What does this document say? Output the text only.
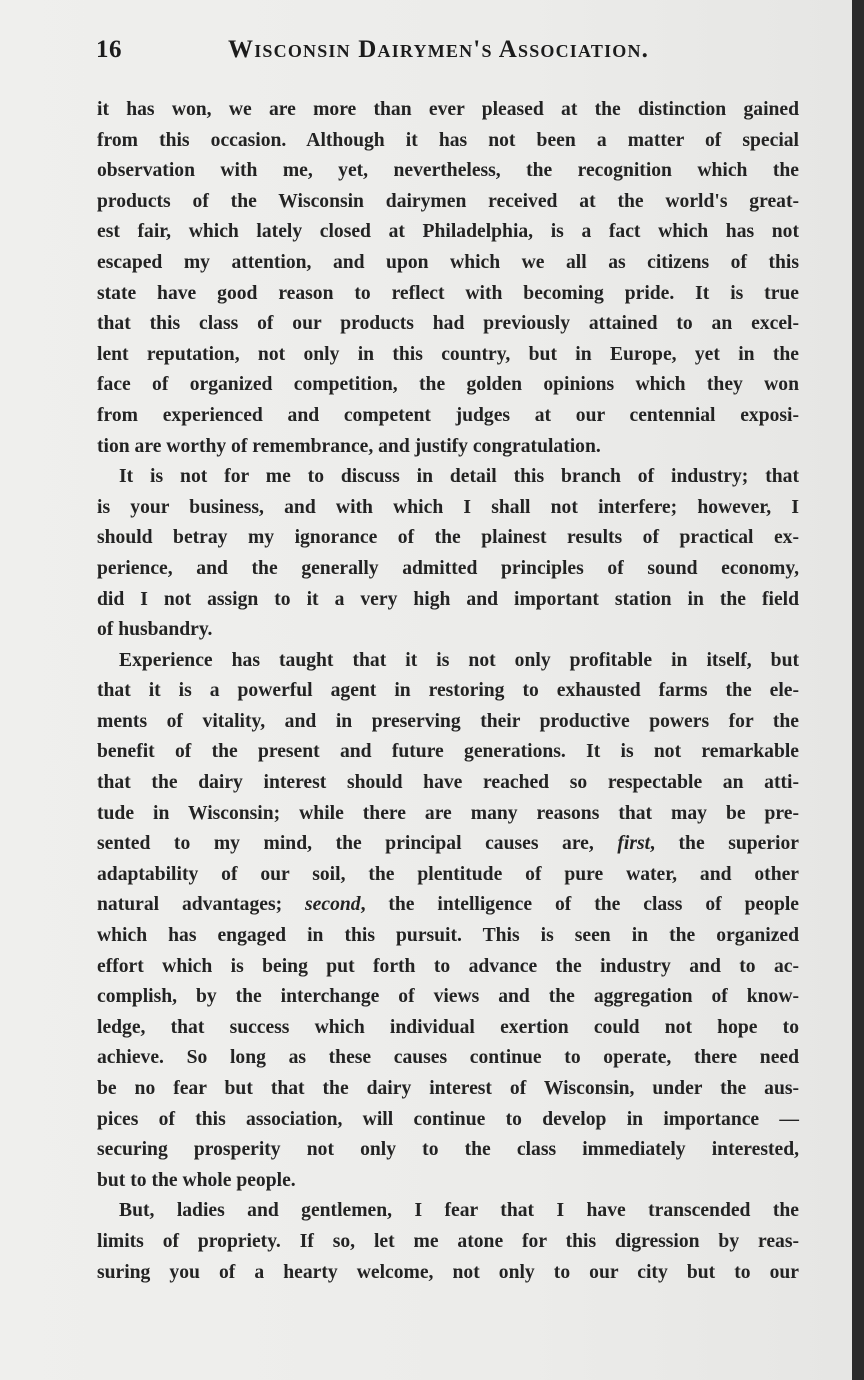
16	Wisconsin Dairymen's Association.
it has won, we are more than ever pleased at the distinction gained
from this occasion. Although it has not been a matter of special
observation with me, yet, nevertheless, the recognition which the
products of the Wisconsin dairymen received at the world's great-
est fair, which lately closed at Philadelphia, is a fact which has not
escaped my attention, and upon which we all as citizens of this
state have good reason to reflect with becoming pride. It is true
that this class of our products had previously attained to an excel-
lent reputation, not only in this country, but in Europe, yet in the
face of organized competition, the golden opinions which they won
from experienced and competent judges at our centennial exposi-
tion are worthy of remembrance, and justify congratulation.
It is not for me to discuss in detail this branch of industry; that
is your business, and with which I shall not interfere; however, I
should betray my ignorance of the plainest results of practical ex-
perience, and the generally admitted principles of sound economy,
did I not assign to it a very high and important station in the field
of husbandry.
Experience has taught that it is not only profitable in itself, but
that it is a powerful agent in restoring to exhausted farms the ele-
ments of vitality, and in preserving their productive powers for the
benefit of the present and future generations. It is not remarkable
that the dairy interest should have reached so respectable an atti-
tude in Wisconsin; while there are many reasons that may be pre-
sented to my mind, the principal causes are, first, the superior
adaptability of our soil, the plentitude of pure water, and other
natural advantages; second, the intelligence of the class of people
which has engaged in this pursuit. This is seen in the organized
effort which is being put forth to advance the industry and to ac-
complish, by the interchange of views and the aggregation of know-
ledge, that success which individual exertion could not hope to
achieve. So long as these causes continue to operate, there need
be no fear but that the dairy interest of Wisconsin, under the aus-
pices of this association, will continue to develop in importance —
securing prosperity not only to the class immediately interested,
but to the whole people.
But, ladies and gentlemen, I fear that I have transcended the
limits of propriety. If so, let me atone for this digression by reas-
suring you of a hearty welcome, not only to our city but to our
